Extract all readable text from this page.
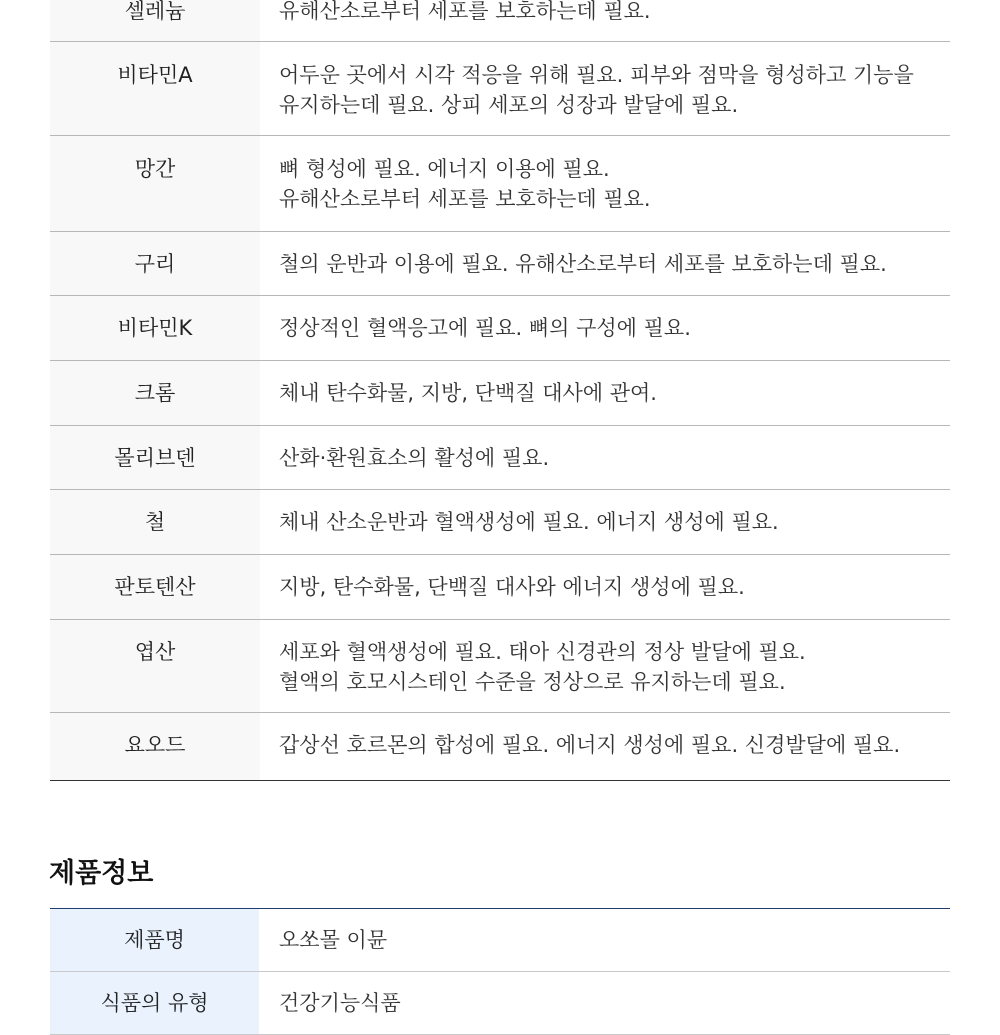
셀레늄	유해산소로부터 세포를 보호하는데 필요.
비타민A	어두운 곳에서 시각 적응을 위해 필요. 피부와 점막을 형성하고 기능을
유지하는데 필요. 상피 세포의 성장과 발달에 필요.
망간	뼈 형성에 필요. 에너지 이용에 필요.
유해산소로부터 세포를 보호하는데 필요.
구리	철의 운반과 이용에 필요. 유해산소로부터 세포를 보호하는데 필요.
비타민K	정상적인 혈액응고에 필요. 뼈의 구성에 필요.
크롬	체내 탄수화물, 지방, 단백질 대사에 관여.
몰리브덴	산화·환원효소의 활성에 필요.
철	체내 산소운반과 혈액생성에 필요. 에너지 생성에 필요.
판토텐산	지방, 탄수화물, 단백질 대사와 에너지 생성에 필요.
엽산	세포와 혈액생성에 필요. 태아 신경관의 정상 발달에 필요.
혈액의 호모시스테인 수준을 정상으로 유지하는데 필요.
요오드	갑상선 호르몬의 합성에 필요. 에너지 생성에 필요. 신경발달에 필요.
제품정보
제품명	오쏘몰 이뮨
식품의 유형	건강기능식품
